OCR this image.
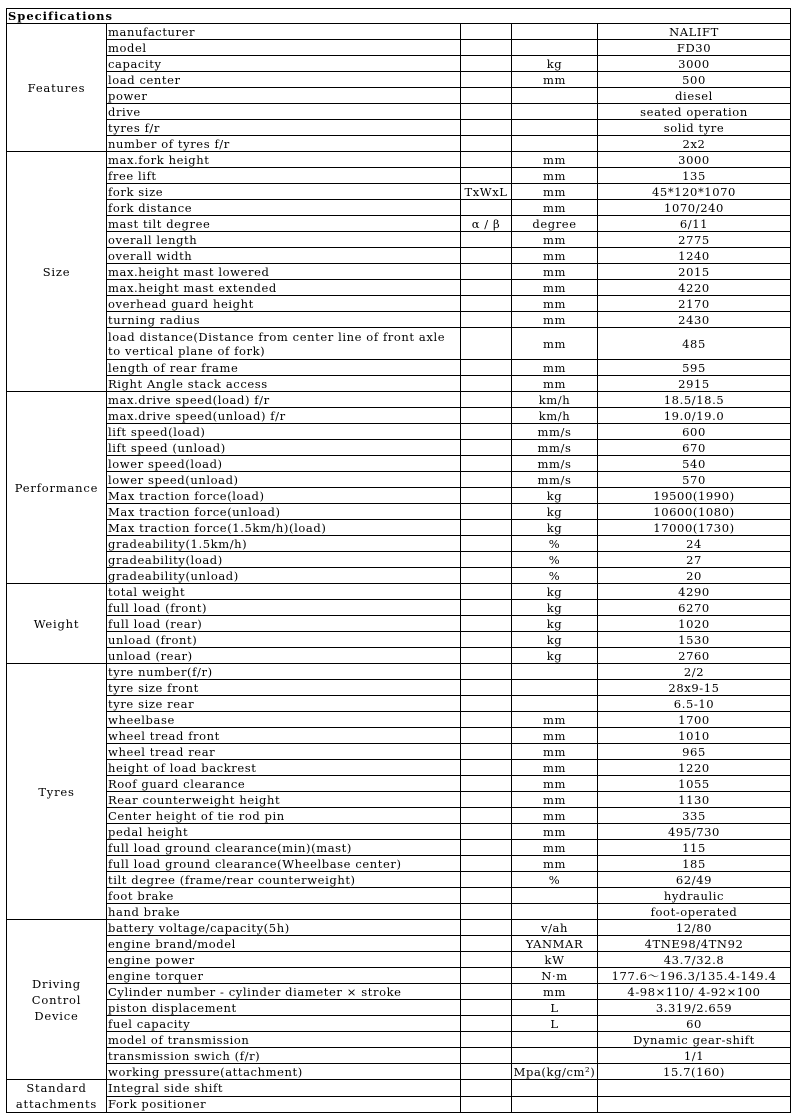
Specifications				
Features	manufacturer			NALIFT
	model			FD30
	capacity		kg	3000
	load center		mm	500
	power			diesel
	drive			seated operation
	tyres f/r			solid tyre
	number of tyres f/r			2x2
Size	max.fork height		mm	3000
	free lift		mm	135
	fork size	TxWxL	mm	45*120*1070
	fork distance		mm	1070/240
	mast tilt degree	α / β	degree	6/11
	overall length		mm	2775
	overall width		mm	1240
	max.height mast lowered		mm	2015
	max.height mast extended		mm	4220
	overhead guard height		mm	2170
	turning radius		mm	2430
	load distance(Distance from center line of front axle to vertical plane of fork)		mm	485
	length of rear frame		mm	595
	Right Angle stack access		mm	2915
Performance	max.drive speed(load) f/r		km/h	18.5/18.5
	max.drive speed(unload) f/r		km/h	19.0/19.0
	lift speed(load)		mm/s	600
	lift speed (unload)		mm/s	670
	lower speed(load)		mm/s	540
	lower speed(unload)		mm/s	570
	Max traction force(load)		kg	19500(1990)
	Max traction force(unload)		kg	10600(1080)
	Max traction force(1.5km/h)(load)		kg	17000(1730)
	gradeability(1.5km/h)		%	24
	gradeability(load)		%	27
	gradeability(unload)		%	20
Weight	total weight		kg	4290
	full load (front)		kg	6270
	full load (rear)		kg	1020
	unload (front)		kg	1530
	unload (rear)		kg	2760
Tyres	tyre number(f/r)			2/2
	tyre size front			28x9-15
	tyre size rear			6.5-10
	wheelbase		mm	1700
	wheel tread front		mm	1010
	wheel tread rear		mm	965
	height of load backrest		mm	1220
	Roof guard clearance		mm	1055
	Rear counterweight height		mm	1130
	Center height of tie rod pin		mm	335
	pedal height		mm	495/730
	full load ground clearance(min)(mast)		mm	115
	full load ground clearance(Wheelbase center)		mm	185
	tilt degree (frame/rear counterweight)		%	62/49
	foot brake			hydraulic
	hand brake			foot-operated
Driving Control Device	battery voltage/capacity(5h)		v/ah	12/80
	engine brand/model		YANMAR	4TNE98/4TN92
	engine power		kW	43.7/32.8
	engine torquer		N·m	177.6～196.3/135.4-149.4
	Cylinder number - cylinder diameter × stroke		mm	4-98×110/ 4-92×100
	piston displacement		L	3.319/2.659
	fuel capacity		L	60
	model of transmission			Dynamic gear-shift
	transmission swich (f/r)			1/1
	working pressure(attachment)		Mpa(kg/cm²)	15.7(160)
Standard attachments	Integral side shift			
	Fork positioner			
